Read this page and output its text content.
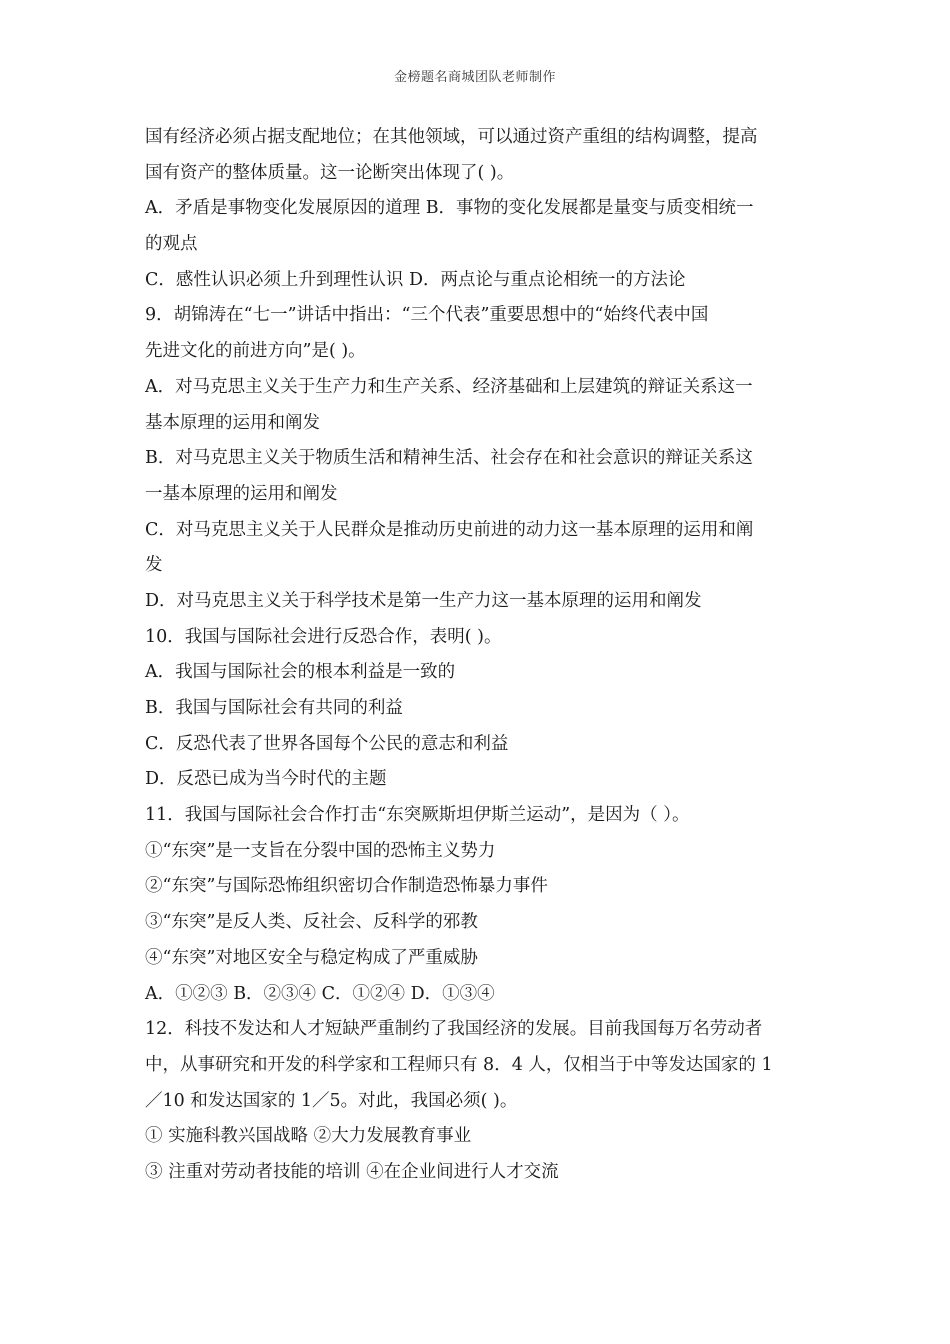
金榜题名商城团队老师制作
国有经济必须占据支配地位；在其他领域，可以通过资产重组的结构调整，提高
国有资产的整体质量。这一论断突出体现了( )。
A．矛盾是事物变化发展原因的道理 B．事物的变化发展都是量变与质变相统一
的观点
C．感性认识必须上升到理性认识 D．两点论与重点论相统一的方法论
9．胡锦涛在“七一”讲话中指出：“三个代表”重要思想中的“始终代表中国
先进文化的前进方向”是( )。
A．对马克思主义关于生产力和生产关系、经济基础和上层建筑的辩证关系这一
基本原理的运用和阐发
B．对马克思主义关于物质生活和精神生活、社会存在和社会意识的辩证关系这
一基本原理的运用和阐发
C．对马克思主义关于人民群众是推动历史前进的动力这一基本原理的运用和阐
发
D．对马克思主义关于科学技术是第一生产力这一基本原理的运用和阐发
10．我国与国际社会进行反恐合作，表明( )。
A．我国与国际社会的根本利益是一致的
B．我国与国际社会有共同的利益
C．反恐代表了世界各国每个公民的意志和利益
D．反恐已成为当今时代的主题
11．我国与国际社会合作打击“东突厥斯坦伊斯兰运动”，是因为（ ）。
①“东突”是一支旨在分裂中国的恐怖主义势力
②“东突”与国际恐怖组织密切合作制造恐怖暴力事件
③“东突”是反人类、反社会、反科学的邪教
④“东突”对地区安全与稳定构成了严重威胁
A．①②③ B．②③④ C．①②④ D．①③④
12．科技不发达和人才短缺严重制约了我国经济的发展。目前我国每万名劳动者
中，从事研究和开发的科学家和工程师只有 8．4 人，仅相当于中等发达国家的 1
／10 和发达国家的 1／5。对此，我国必须( )。
① 实施科教兴国战略 ②大力发展教育事业
③ 注重对劳动者技能的培训 ④在企业间进行人才交流
